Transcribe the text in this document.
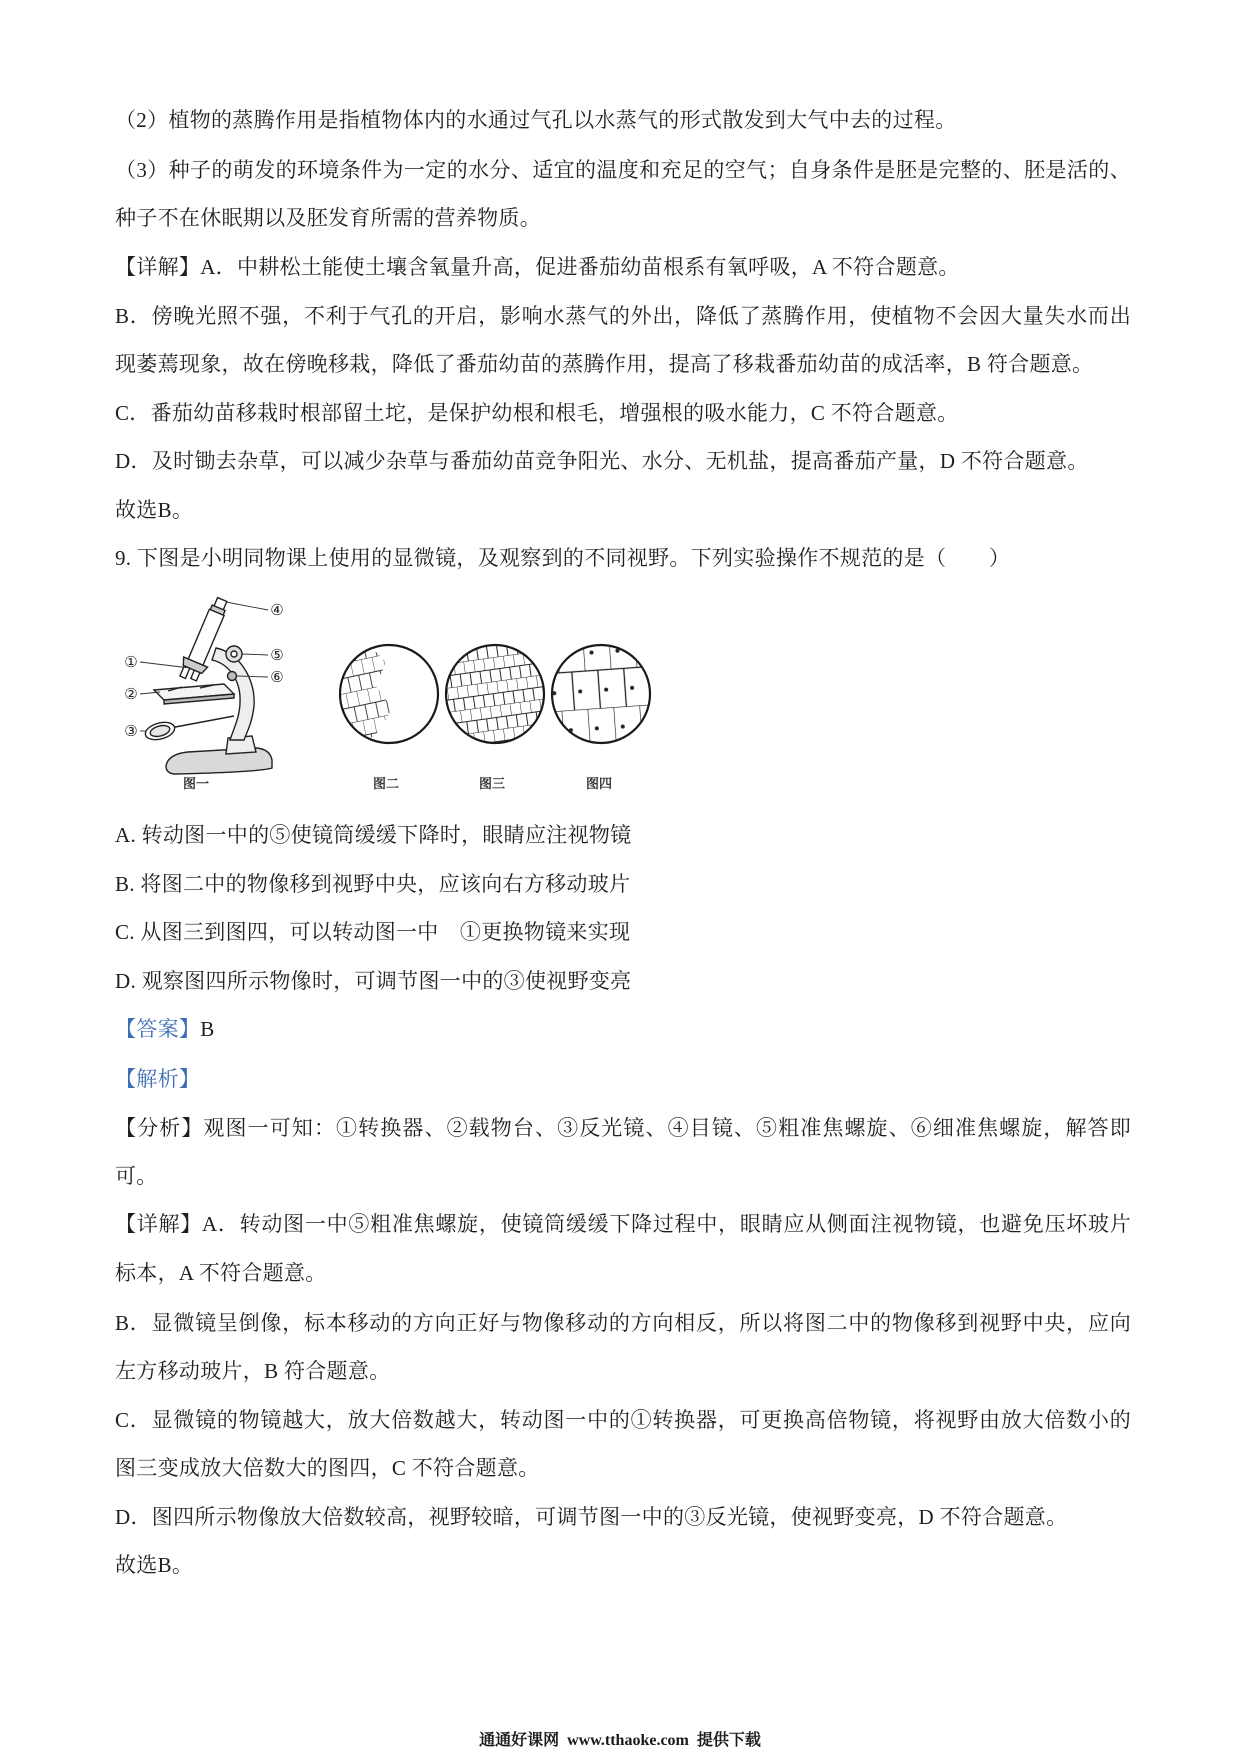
（2）植物的蒸腾作用是指植物体内的水通过气孔以水蒸气的形式散发到大气中去的过程。
（3）种子的萌发的环境条件为一定的水分、适宜的温度和充足的空气；自身条件是胚是完整的、胚是活的、
种子不在休眠期以及胚发育所需的营养物质。
【详解】A．中耕松土能使土壤含氧量升高，促进番茄幼苗根系有氧呼吸，A 不符合题意。
B．傍晚光照不强，不利于气孔的开启，影响水蒸气的外出，降低了蒸腾作用，使植物不会因大量失水而出
现萎蔫现象，故在傍晚移栽，降低了番茄幼苗的蒸腾作用，提高了移栽番茄幼苗的成活率，B 符合题意。
C．番茄幼苗移栽时根部留土坨，是保护幼根和根毛，增强根的吸水能力，C 不符合题意。
D．及时锄去杂草，可以减少杂草与番茄幼苗竞争阳光、水分、无机盐，提高番茄产量，D 不符合题意。
故选B。
9. 下图是小明同物课上使用的显微镜，及观察到的不同视野。下列实验操作不规范的是（　　）
①
②
③
④
⑤
⑥
图一	图二	图三	图四
A. 转动图一中的⑤使镜筒缓缓下降时，眼睛应注视物镜
B. 将图二中的物像移到视野中央，应该向右方移动玻片
C. 从图三到图四，可以转动图一中　①更换物镜来实现
D. 观察图四所示物像时，可调节图一中的③使视野变亮
【答案】B
【解析】
【分析】观图一可知：①转换器、②载物台、③反光镜、④目镜、⑤粗准焦螺旋、⑥细准焦螺旋，解答即
可。
【详解】A．转动图一中⑤粗准焦螺旋，使镜筒缓缓下降过程中，眼睛应从侧面注视物镜，也避免压坏玻片
标本，A 不符合题意。
B．显微镜呈倒像，标本移动的方向正好与物像移动的方向相反，所以将图二中的物像移到视野中央，应向
左方移动玻片，B 符合题意。
C．显微镜的物镜越大，放大倍数越大，转动图一中的①转换器，可更换高倍物镜，将视野由放大倍数小的
图三变成放大倍数大的图四，C 不符合题意。
D．图四所示物像放大倍数较高，视野较暗，可调节图一中的③反光镜，使视野变亮，D 不符合题意。
故选B。
通通好课网  www.tthaoke.com  提供下载
